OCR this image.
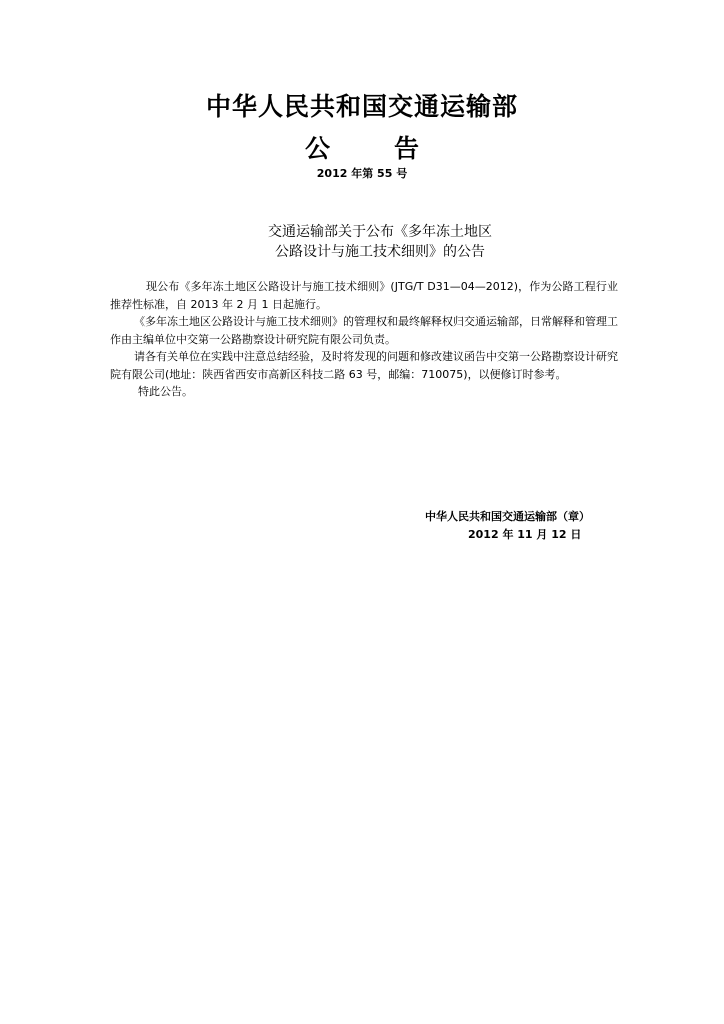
中华人民共和国交通运输部
公	告
2012 年第 55 号
交通运输部关于公布《多年冻土地区
公路设计与施工技术细则》的公告

现公布《多年冻土地区公路设计与施工技术细则》(JTG/T D31—04—2012)，作为公路工程行业推荐性标准，自 2013 年 2 月 1 日起施行。

《多年冻土地区公路设计与施工技术细则》的管理权和最终解释权归交通运输部，日常解释和管理工作由主编单位中交第一公路勘察设计研究院有限公司负责。

请各有关单位在实践中注意总结经验，及时将发现的问题和修改建议函告中交第一公路勘察设计研究院有限公司(地址：陕西省西安市高新区科技二路 63 号，邮编：710075)，以便修订时参考。

特此公告。

中华人民共和国交通运输部（章）
2012 年 11 月 12 日
